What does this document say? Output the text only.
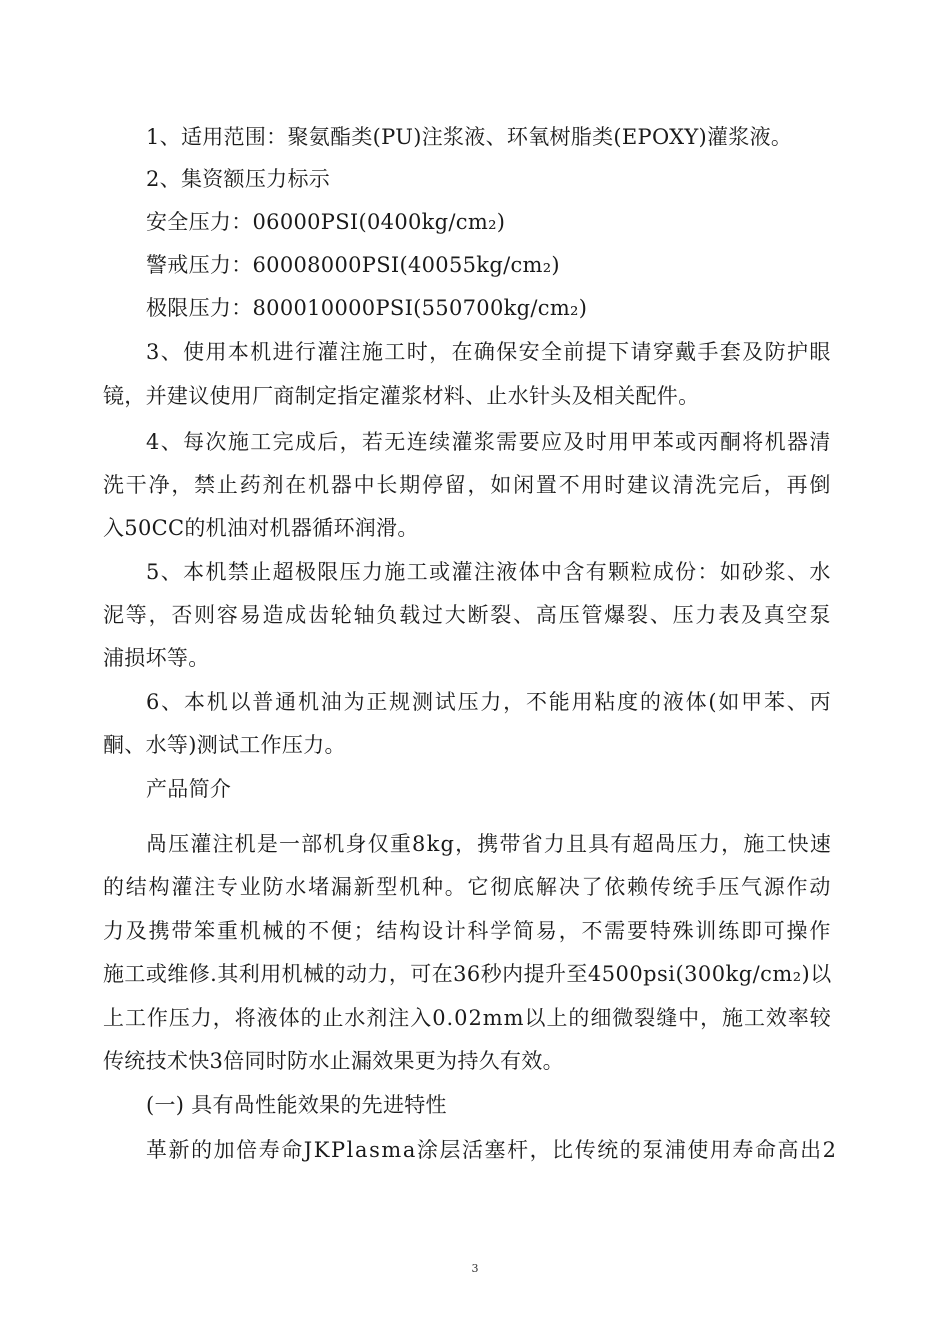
1、适用范围：聚氨酯类(PU)注浆液、环氧树脂类(EPOXY)灌浆液。
2、集资额压力标示
安全压力：06000PSI(0400kg/cm₂)
警戒压力：60008000PSI(40055kg/cm₂)
极限压力：800010000PSI(550700kg/cm₂)
3、使用本机进行灌注施工时，在确保安全前提下请穿戴手套及防护眼
镜，并建议使用厂商制定指定灌浆材料、止水针头及相关配件。
4、每次施工完成后，若无连续灌浆需要应及时用甲苯或丙酮将机器清
洗干净，禁止药剂在机器中长期停留，如闲置不用时建议清洗完后，再倒
入50CC的机油对机器循环润滑。
5、本机禁止超极限压力施工或灌注液体中含有颗粒成份：如砂浆、水
泥等，否则容易造成齿轮轴负载过大断裂、高压管爆裂、压力表及真空泵
浦损坏等。
6、本机以普通机油为正规测试压力，不能用粘度的液体(如甲苯、丙
酮、水等)测试工作压力。
产品简介
咼压灌注机是一部机身仅重8kg，携带省力且具有超咼压力，施工快速
的结构灌注专业防水堵漏新型机种。它彻底解决了依赖传统手压气源作动
力及携带笨重机械的不便；结构设计科学简易，不需要特殊训练即可操作
施工或维修.其利用机械的动力，可在36秒内提升至4500psi(300kg/cm₂)以
上工作压力，将液体的止水剂注入0.02mm以上的细微裂缝中，施工效率较
传统技术快3倍同时防水止漏效果更为持久有效。
(一) 具有咼性能效果的先进特性
革新的加倍寿命JKPlasma涂层活塞杆，比传统的泵浦使用寿命高出2
3
